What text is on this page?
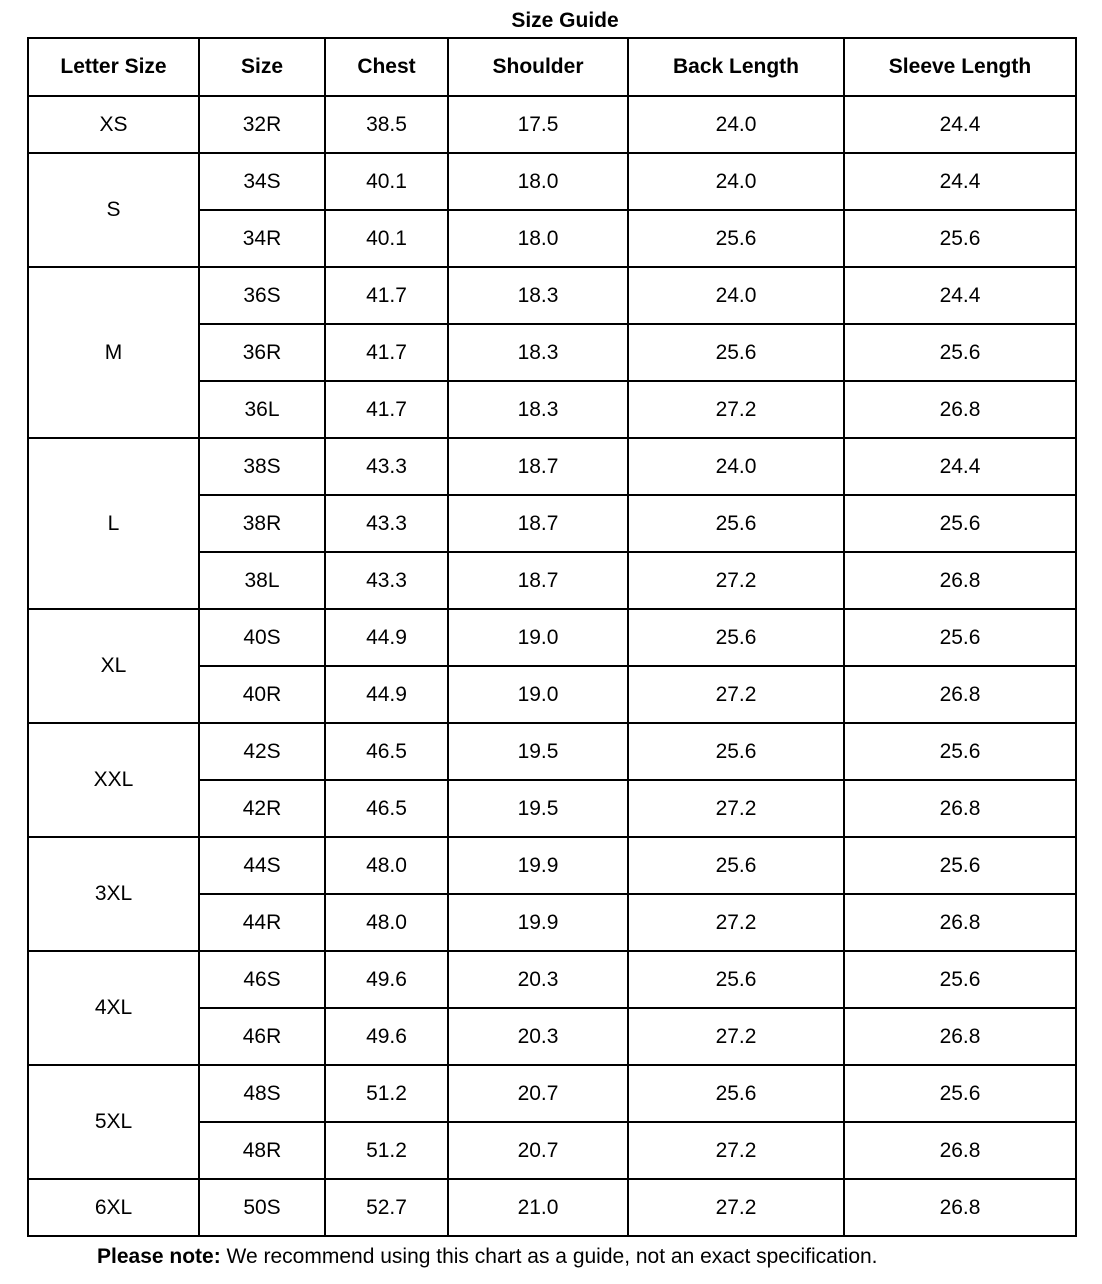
Size Guide
Letter Size	Size	Chest	Shoulder	Back Length	Sleeve Length
XS	32R	38.5	17.5	24.0	24.4
S	34S	40.1	18.0	24.0	24.4
	34R	40.1	18.0	25.6	25.6
M	36S	41.7	18.3	24.0	24.4
	36R	41.7	18.3	25.6	25.6
	36L	41.7	18.3	27.2	26.8
L	38S	43.3	18.7	24.0	24.4
	38R	43.3	18.7	25.6	25.6
	38L	43.3	18.7	27.2	26.8
XL	40S	44.9	19.0	25.6	25.6
	40R	44.9	19.0	27.2	26.8
XXL	42S	46.5	19.5	25.6	25.6
	42R	46.5	19.5	27.2	26.8
3XL	44S	48.0	19.9	25.6	25.6
	44R	48.0	19.9	27.2	26.8
4XL	46S	49.6	20.3	25.6	25.6
	46R	49.6	20.3	27.2	26.8
5XL	48S	51.2	20.7	25.6	25.6
	48R	51.2	20.7	27.2	26.8
6XL	50S	52.7	21.0	27.2	26.8
Please note: We recommend using this chart as a guide, not an exact specification.
